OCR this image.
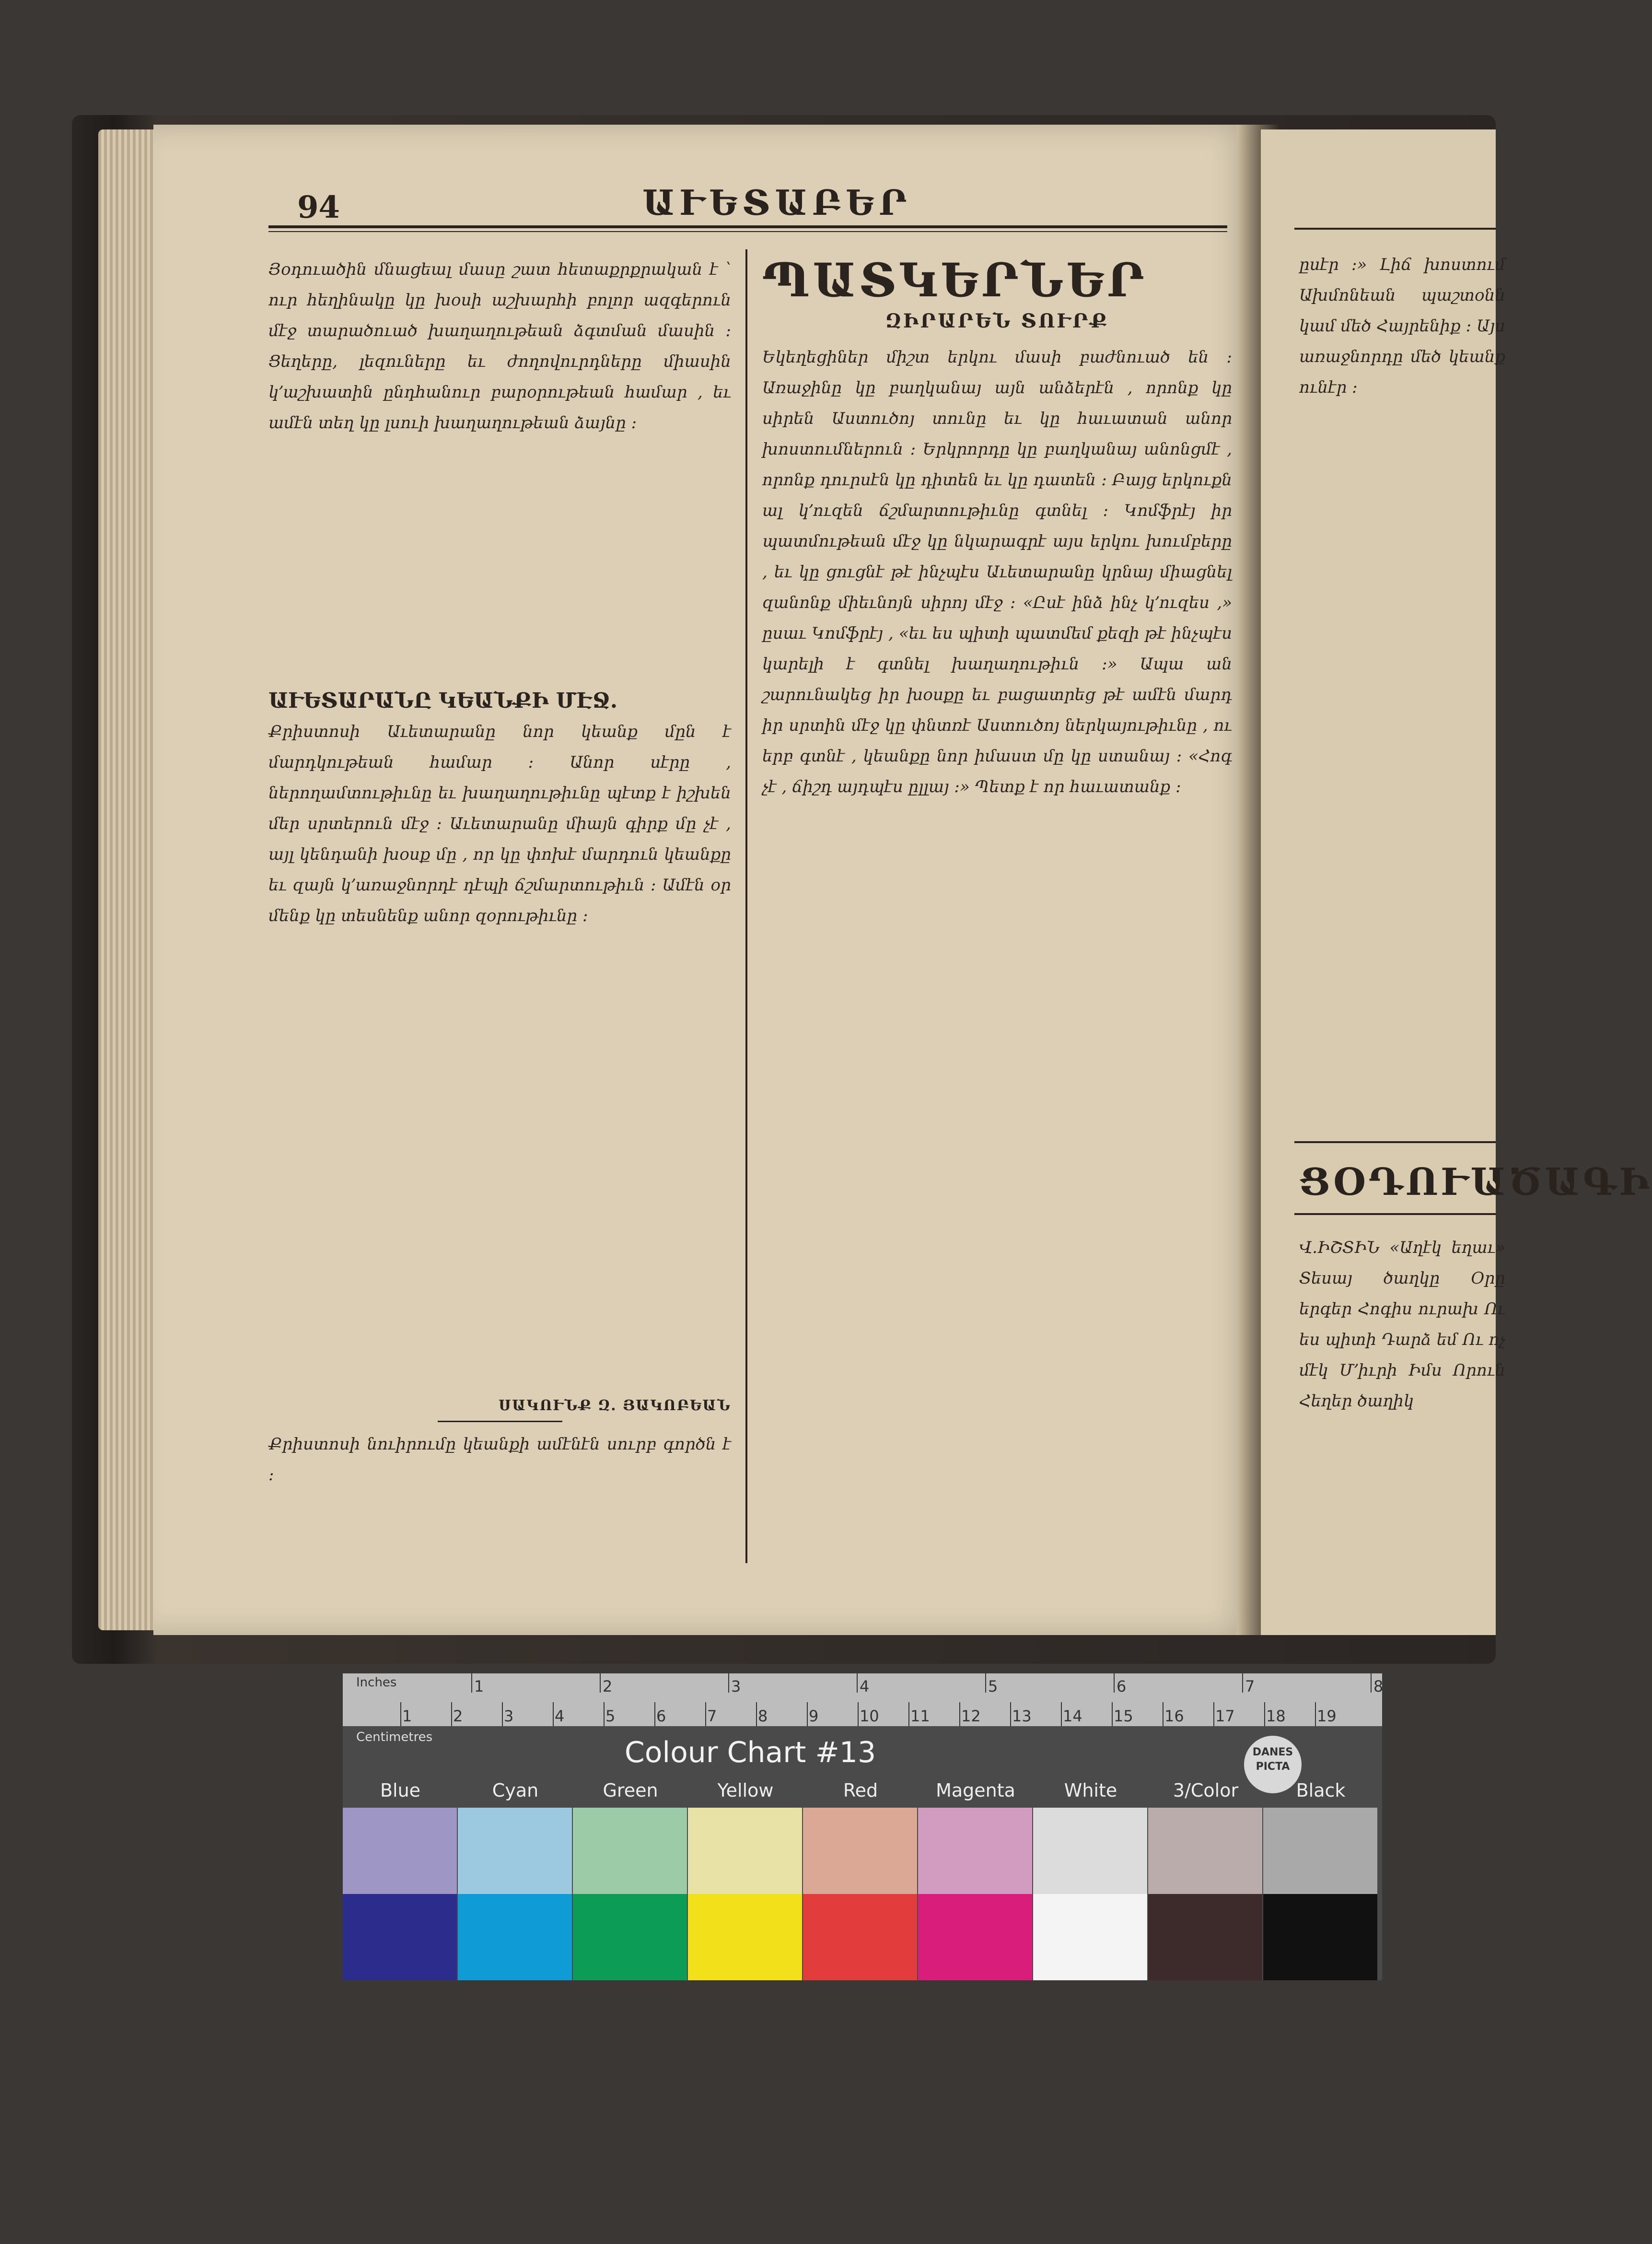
94	ԱՒԵՏԱԲԵՐ

Յօդուածին մնացեալ մասը շատ հետաքրքրական է ՝ ուր հեղինակը կը խօսի աշխարհի բոլոր ազգերուն մէջ տարածուած խաղաղութեան ձգտման մասին ։ Ցեղերը, լեզուները եւ ժողովուրդները միասին կ՚աշխատին ընդհանուր բարօրութեան համար , եւ ամէն տեղ կը լսուի խաղաղութեան ձայնը ։

ԱՒԵՏԱՐԱՆԸ ԿԵԱՆՔԻ ՄԷՋ.

Քրիստոսի Աւետարանը նոր կեանք մըն է մարդկութեան համար ։ Անոր սէրը , ներողամտութիւնը եւ խաղաղութիւնը պէտք է իշխեն մեր սրտերուն մէջ ։ Աւետարանը միայն գիրք մը չէ , այլ կենդանի խօսք մը , որ կը փոխէ մարդուն կեանքը եւ զայն կ՚առաջնորդէ դէպի ճշմարտութիւն ։ Ամէն օր մենք կը տեսնենք անոր զօրութիւնը ։

ՍԱԿՈՒՆՔ Զ. ՅԱԿՈԲԵԱՆ

Քրիստոսի նուիրումը կեանքի ամէնէն սուրբ գործն է ։

ՊԱՏԿԵՐՆԵՐ
ԶԻՐԱՐԵՆ ՏՈՒՐՔ

Եկեղեցիներ միշտ երկու մասի բաժնուած են ։ Առաջինը կը բաղկանայ այն անձերէն , որոնք կը սիրեն Աստուծոյ տունը եւ կը հաւատան անոր խոստումներուն ։ Երկրորդը կը բաղկանայ անոնցմէ , որոնք դուրսէն կը դիտեն եւ կը դատեն ։ Բայց երկուքն ալ կ՚ուզեն ճշմարտութիւնը գտնել ։ Կոմֆրէյ իր պատմութեան մէջ կը նկարագրէ այս երկու խումբերը , եւ կը ցուցնէ թէ ինչպէս Աւետարանը կրնայ միացնել զանոնք միեւնոյն սիրոյ մէջ ։ «Ըսէ ինձ ինչ կ՚ուզես ,» ըսաւ Կոմֆրէյ , «եւ ես պիտի պատմեմ քեզի թէ ինչպէս կարելի է գտնել խաղաղութիւն ։» Ապա ան շարունակեց իր խօսքը եւ բացատրեց թէ ամէն մարդ իր սրտին մէջ կը փնտռէ Աստուծոյ ներկայութիւնը , ու երբ գտնէ , կեանքը նոր իմաստ մը կը ստանայ ։ «Հոգ չէ , ճիշդ այդպէս ըլլայ ։» Պետք է որ հաւատանք ։

ըսէր ։» Լիճ խոստում Ախմոնեան պաշտօնն կամ մեծ Հայրենիք ։ Այս առաջնորդը մեծ կեանք ունէր ։

ՑՕԴՈՒԱԾԱԳԻ

Վ.ԻՇՏԻՆ «Աղէկ եղաւ» Տեսայ ծաղկը Օրը երգեր Հոգիս ուրախ Ու ես պիտի Դարձ եմ Ու ոչ մէկ Մ՚իւրի Իմս Որուն Հեղեր ծաղիկ

Inches
Centimetres
1	2	3	4	5	6	7	8
1	2	3	4	5	6	7	8	9	10 11 12 13 14 15 16 17 18 19
Colour Chart #13	DANES PICTA
Blue	Cyan	Green	Yellow	Red	Magenta	White	3/Color	Black
